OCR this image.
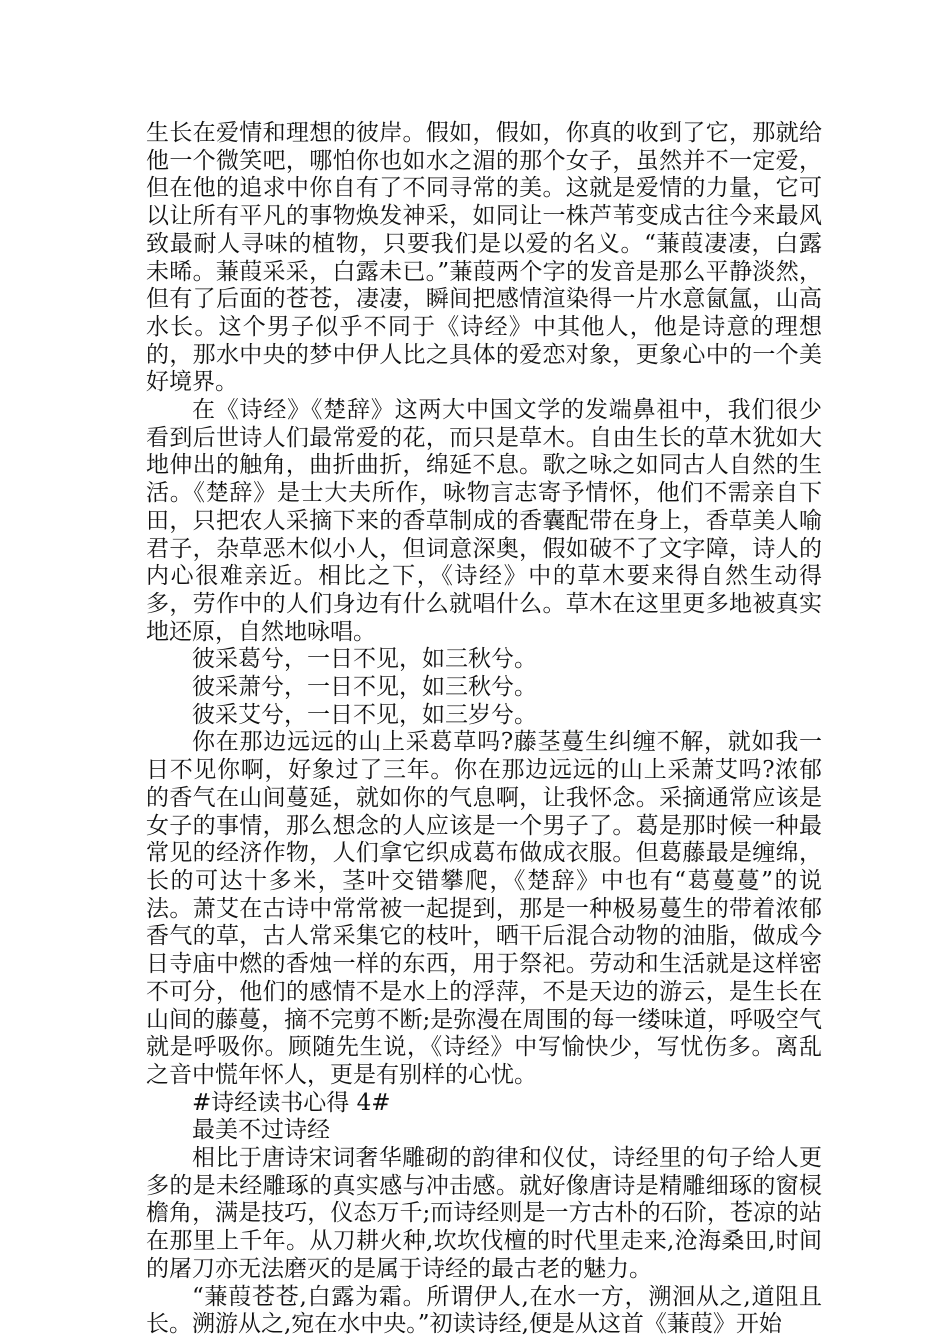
生长在爱情和理想的彼岸。假如，假如，你真的收到了它，那就给他一个微笑吧，哪怕你也如水之湄的那个女子，虽然并不一定爱，但在他的追求中你自有了不同寻常的美。这就是爱情的力量，它可以让所有平凡的事物焕发神采，如同让一株芦苇变成古往今来最风致最耐人寻味的植物，只要我们是以爱的名义。“蒹葭凄凄，白露未晞。蒹葭采采，白露未已。”蒹葭两个字的发音是那么平静淡然，但有了后面的苍苍，凄凄，瞬间把感情渲染得一片水意氤氲，山高水长。这个男子似乎不同于《诗经》中其他人，他是诗意的理想的，那水中央的梦中伊人比之具体的爱恋对象，更象心中的一个美好境界。

在《诗经》《楚辞》这两大中国文学的发端鼻祖中，我们很少看到后世诗人们最常爱的花，而只是草木。自由生长的草木犹如大地伸出的触角，曲折曲折，绵延不息。歌之咏之如同古人自然的生活。《楚辞》是士大夫所作，咏物言志寄予情怀，他们不需亲自下田，只把农人采摘下来的香草制成的香囊配带在身上，香草美人喻君子，杂草恶木似小人，但词意深奥，假如破不了文字障，诗人的内心很难亲近。相比之下，《诗经》中的草木要来得自然生动得多，劳作中的人们身边有什么就唱什么。草木在这里更多地被真实地还原，自然地咏唱。

彼采葛兮，一日不见，如三秋兮。

彼采萧兮，一日不见，如三秋兮。

彼采艾兮，一日不见，如三岁兮。

你在那边远远的山上采葛草吗?藤茎蔓生纠缠不解，就如我一日不见你啊，好象过了三年。你在那边远远的山上采萧艾吗?浓郁的香气在山间蔓延，就如你的气息啊，让我怀念。采摘通常应该是女子的事情，那么想念的人应该是一个男子了。葛是那时候一种最常见的经济作物，人们拿它织成葛布做成衣服。但葛藤最是缠绵，长的可达十多米，茎叶交错攀爬，《楚辞》中也有“葛蔓蔓”的说法。萧艾在古诗中常常被一起提到，那是一种极易蔓生的带着浓郁香气的草，古人常采集它的枝叶，晒干后混合动物的油脂，做成今日寺庙中燃的香烛一样的东西，用于祭祀。劳动和生活就是这样密不可分，他们的感情不是水上的浮萍，不是天边的游云，是生长在山间的藤蔓，摘不完剪不断;是弥漫在周围的每一缕味道，呼吸空气就是呼吸你。顾随先生说，《诗经》中写愉快少，写忧伤多。离乱之音中慌年怀人，更是有别样的心忧。

#诗经读书心得 4#

最美不过诗经

相比于唐诗宋词奢华雕砌的韵律和仪仗，诗经里的句子给人更多的是未经雕琢的真实感与冲击感。就好像唐诗是精雕细琢的窗棂檐角，满是技巧，仪态万千;而诗经则是一方古朴的石阶，苍凉的站在那里上千年。从刀耕火种,坎坎伐檀的时代里走来,沧海桑田,时间的屠刀亦无法磨灭的是属于诗经的最古老的魅力。

“蒹葭苍苍,白露为霜。所谓伊人,在水一方，溯洄从之,道阻且长。溯游从之,宛在水中央。”初读诗经,便是从这首《蒹葭》开始
